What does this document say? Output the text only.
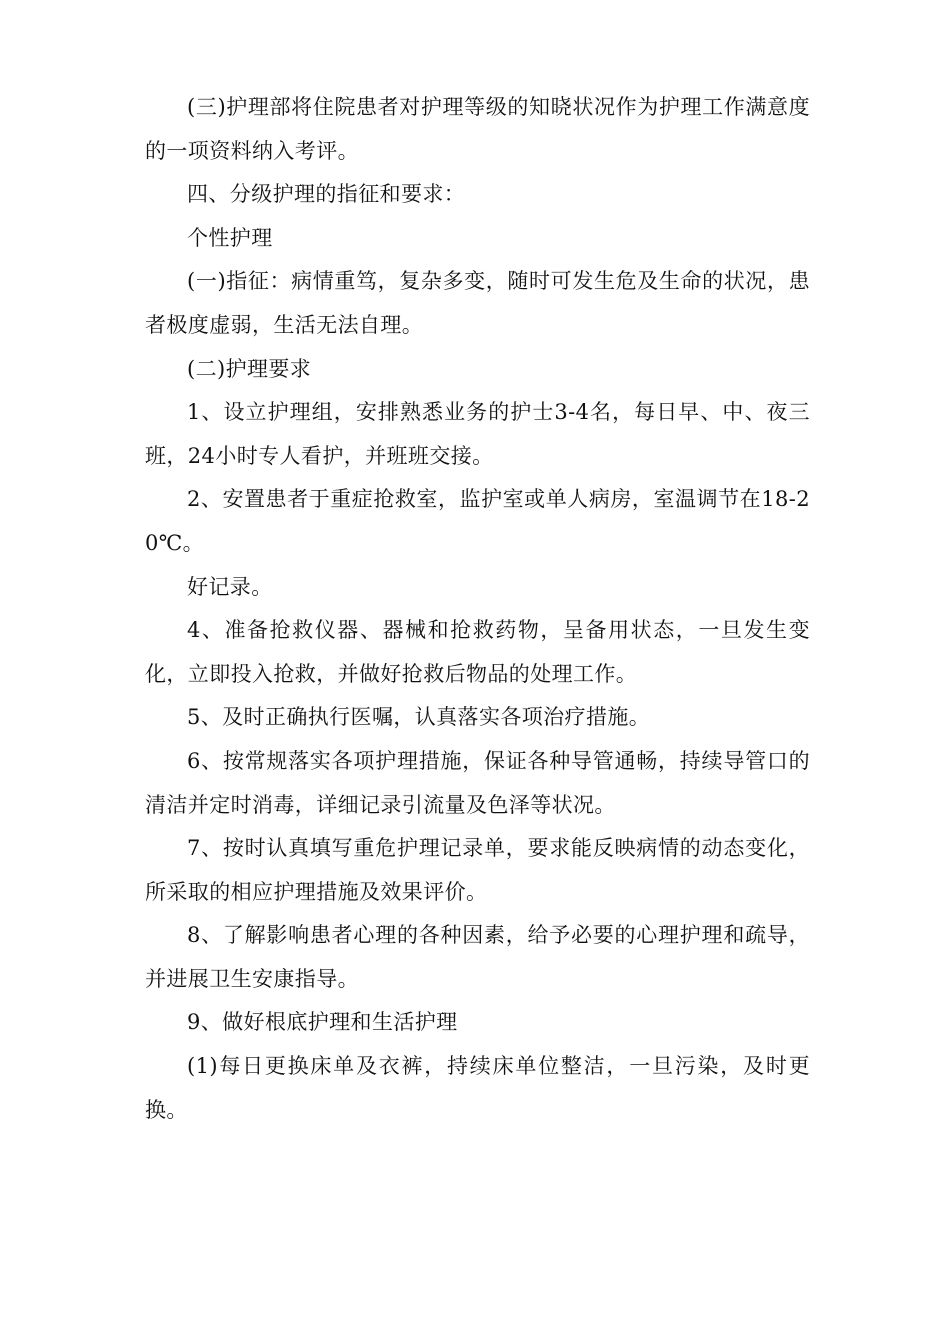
(三)护理部将住院患者对护理等级的知晓状况作为护理工作满意度的一项资料纳入考评。

四、分级护理的指征和要求：

个性护理

(一)指征：病情重笃，复杂多变，随时可发生危及生命的状况，患者极度虚弱，生活无法自理。

(二)护理要求

1、设立护理组，安排熟悉业务的护士3-4名，每日早、中、夜三班，24小时专人看护，并班班交接。

2、安置患者于重症抢救室，监护室或单人病房，室温调节在18-20℃。

好记录。

4、准备抢救仪器、器械和抢救药物，呈备用状态，一旦发生变化，立即投入抢救，并做好抢救后物品的处理工作。

5、及时正确执行医嘱，认真落实各项治疗措施。

6、按常规落实各项护理措施，保证各种导管通畅，持续导管口的清洁并定时消毒，详细记录引流量及色泽等状况。

7、按时认真填写重危护理记录单，要求能反映病情的动态变化，所采取的相应护理措施及效果评价。

8、了解影响患者心理的各种因素，给予必要的心理护理和疏导，并进展卫生安康指导。

9、做好根底护理和生活护理

(1)每日更换床单及衣裤，持续床单位整洁，一旦污染，及时更换。
